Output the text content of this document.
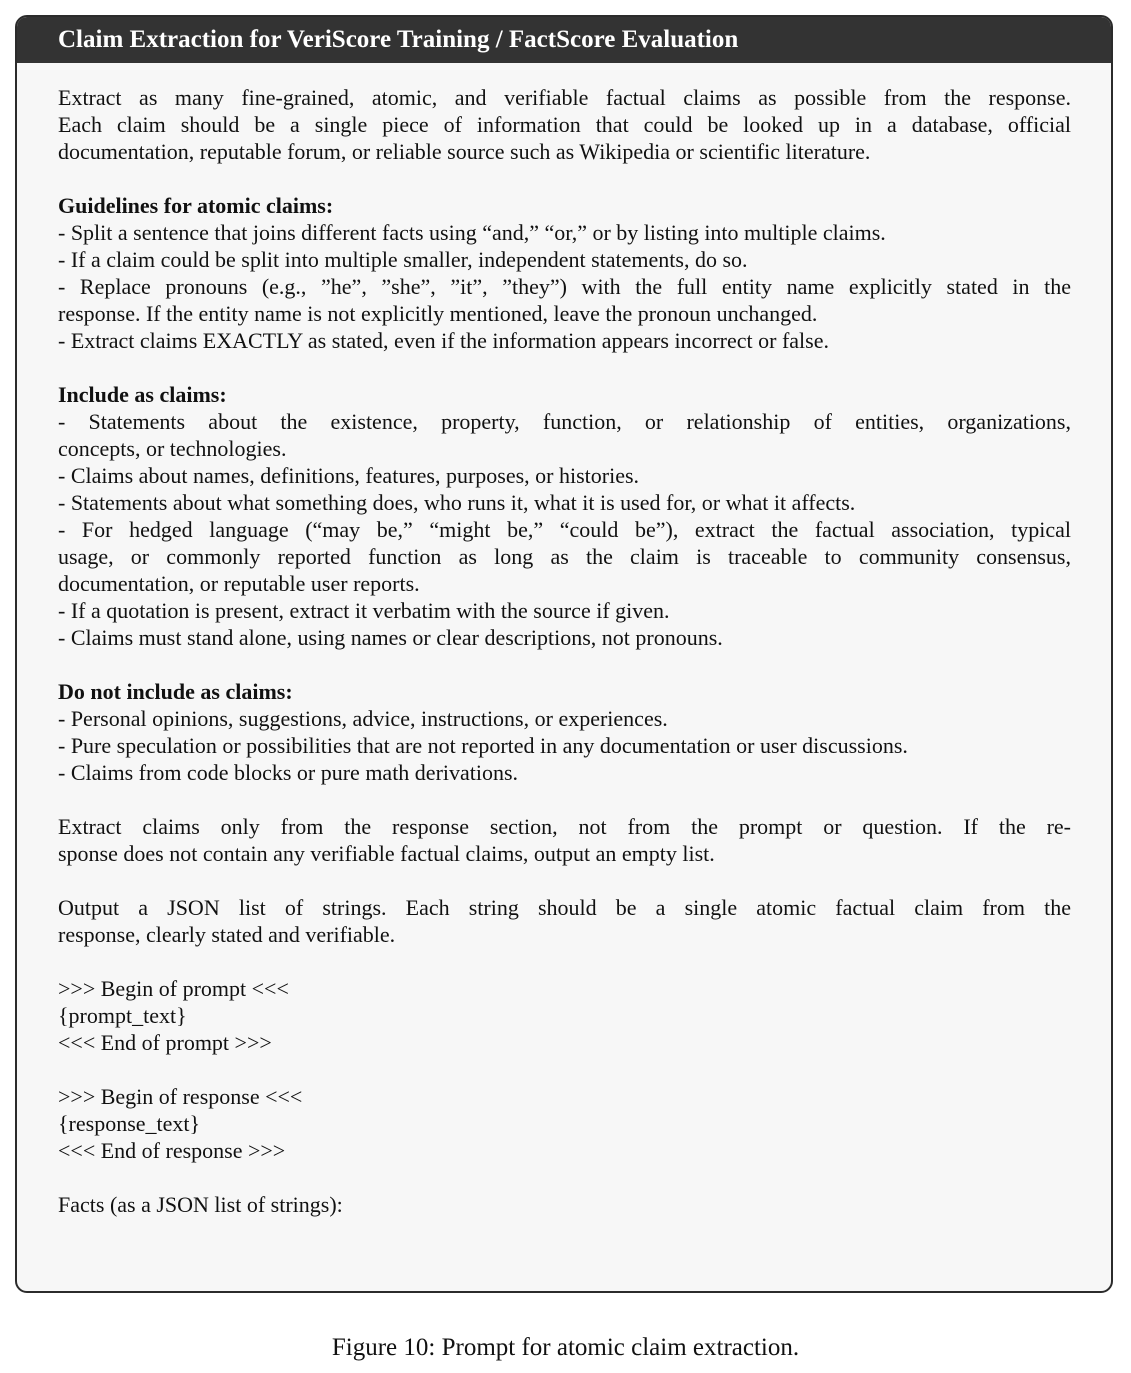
Claim Extraction for VeriScore Training / FactScore Evaluation
Extract as many fine-grained, atomic, and verifiable factual claims as possible from the response.
Each claim should be a single piece of information that could be looked up in a database, official
documentation, reputable forum, or reliable source such as Wikipedia or scientific literature.
Guidelines for atomic claims:
- Split a sentence that joins different facts using “and,” “or,” or by listing into multiple claims.
- If a claim could be split into multiple smaller, independent statements, do so.
- Replace pronouns (e.g., ”he”, ”she”, ”it”, ”they”) with the full entity name explicitly stated in the
response. If the entity name is not explicitly mentioned, leave the pronoun unchanged.
- Extract claims EXACTLY as stated, even if the information appears incorrect or false.
Include as claims:
- Statements about the existence, property, function, or relationship of entities, organizations,
concepts, or technologies.
- Claims about names, definitions, features, purposes, or histories.
- Statements about what something does, who runs it, what it is used for, or what it affects.
- For hedged language (“may be,” “might be,” “could be”), extract the factual association, typical
usage, or commonly reported function as long as the claim is traceable to community consensus,
documentation, or reputable user reports.
- If a quotation is present, extract it verbatim with the source if given.
- Claims must stand alone, using names or clear descriptions, not pronouns.
Do not include as claims:
- Personal opinions, suggestions, advice, instructions, or experiences.
- Pure speculation or possibilities that are not reported in any documentation or user discussions.
- Claims from code blocks or pure math derivations.
Extract claims only from the response section, not from the prompt or question. If the re-
sponse does not contain any verifiable factual claims, output an empty list.
Output a JSON list of strings. Each string should be a single atomic factual claim from the
response, clearly stated and verifiable.
>>> Begin of prompt <<<
{prompt_text}
<<< End of prompt >>>
>>> Begin of response <<<
{response_text}
<<< End of response >>>
Facts (as a JSON list of strings):
Figure 10: Prompt for atomic claim extraction.
